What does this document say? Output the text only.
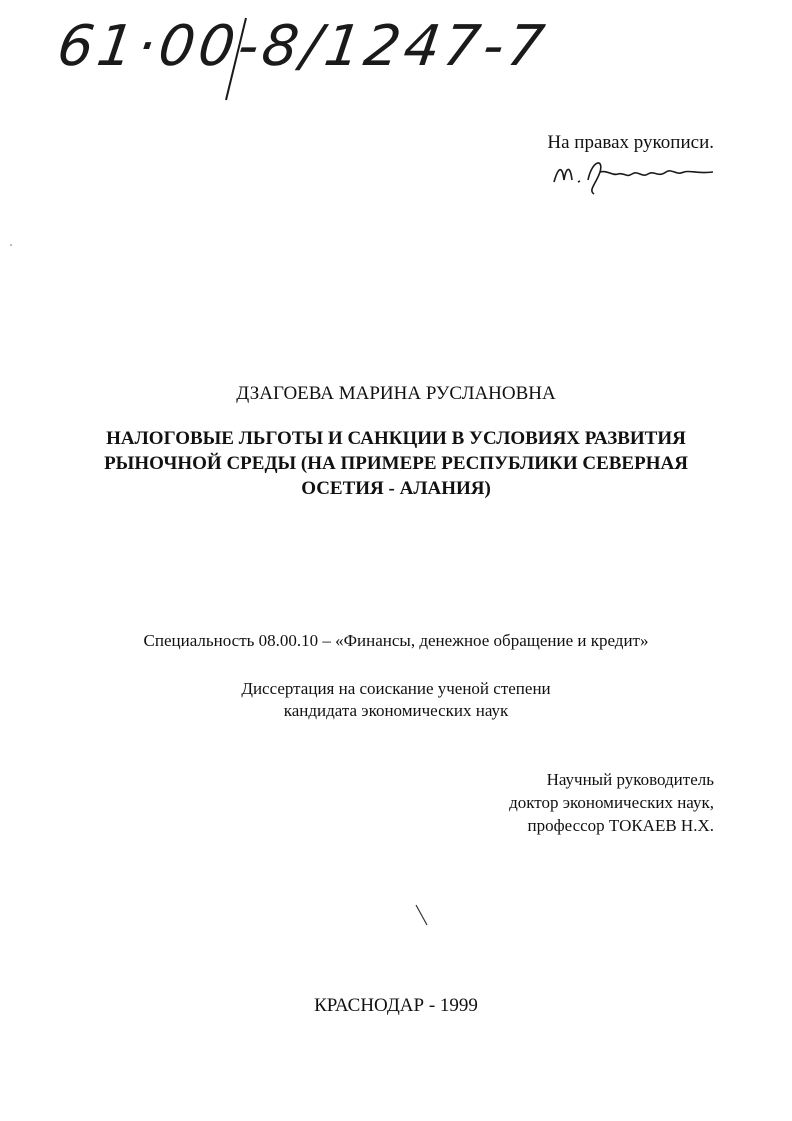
61·00-8/1247-7
На правах рукописи.
ДЗАГОЕВА МАРИНА РУСЛАНОВНА
НАЛОГОВЫЕ ЛЬГОТЫ И САНКЦИИ В УСЛОВИЯХ РАЗВИТИЯ
РЫНОЧНОЙ СРЕДЫ (НА ПРИМЕРЕ РЕСПУБЛИКИ СЕВЕРНАЯ
ОСЕТИЯ - АЛАНИЯ)
Специальность 08.00.10 – «Финансы, денежное обращение и кредит»
Диссертация на соискание ученой степени
кандидата экономических наук
Научный руководитель
доктор экономических наук,
профессор ТОКАЕВ Н.Х.
КРАСНОДАР - 1999
